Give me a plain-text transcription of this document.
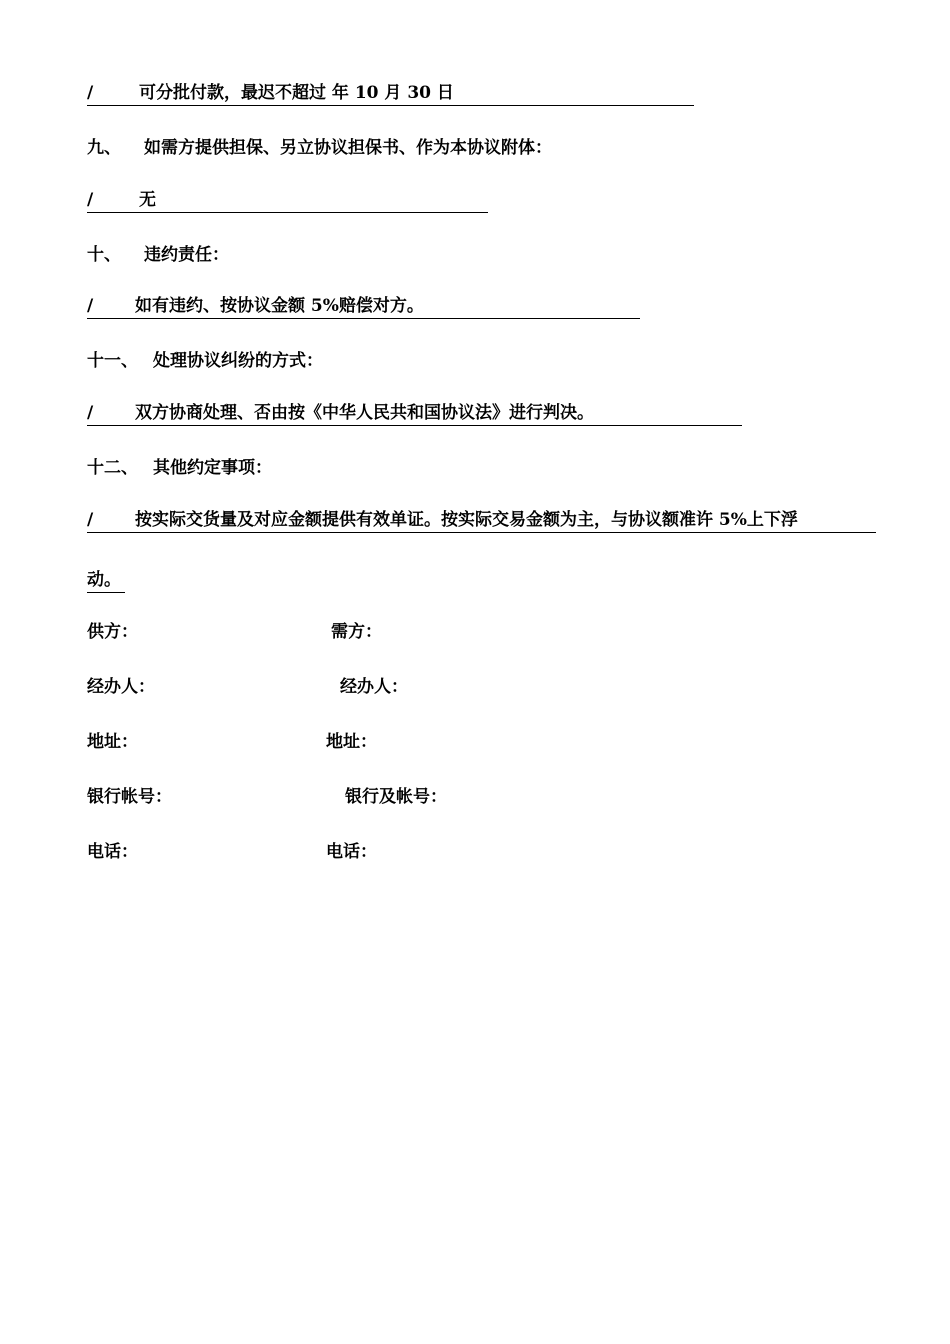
/	可分批付款，最迟不超过 年 10 月 30 日
九、 如需方提供担保、另立协议担保书、作为本协议附体：
/	无
十、 违约责任：
/ 如有违约、按协议金额 5%赔偿对方。
十一、 处理协议纠纷的方式：
/ 双方协商处理、否由按《中华人民共和国协议法》进行判决。
十二、 其他约定事项：
/ 按实际交货量及对应金额提供有效单证。按实际交易金额为主，与协议额准许 5%上下浮
动。
供方：	需方：
经办人：	经办人：
地址：	地址：
银行帐号：	银行及帐号：
电话：	电话：
